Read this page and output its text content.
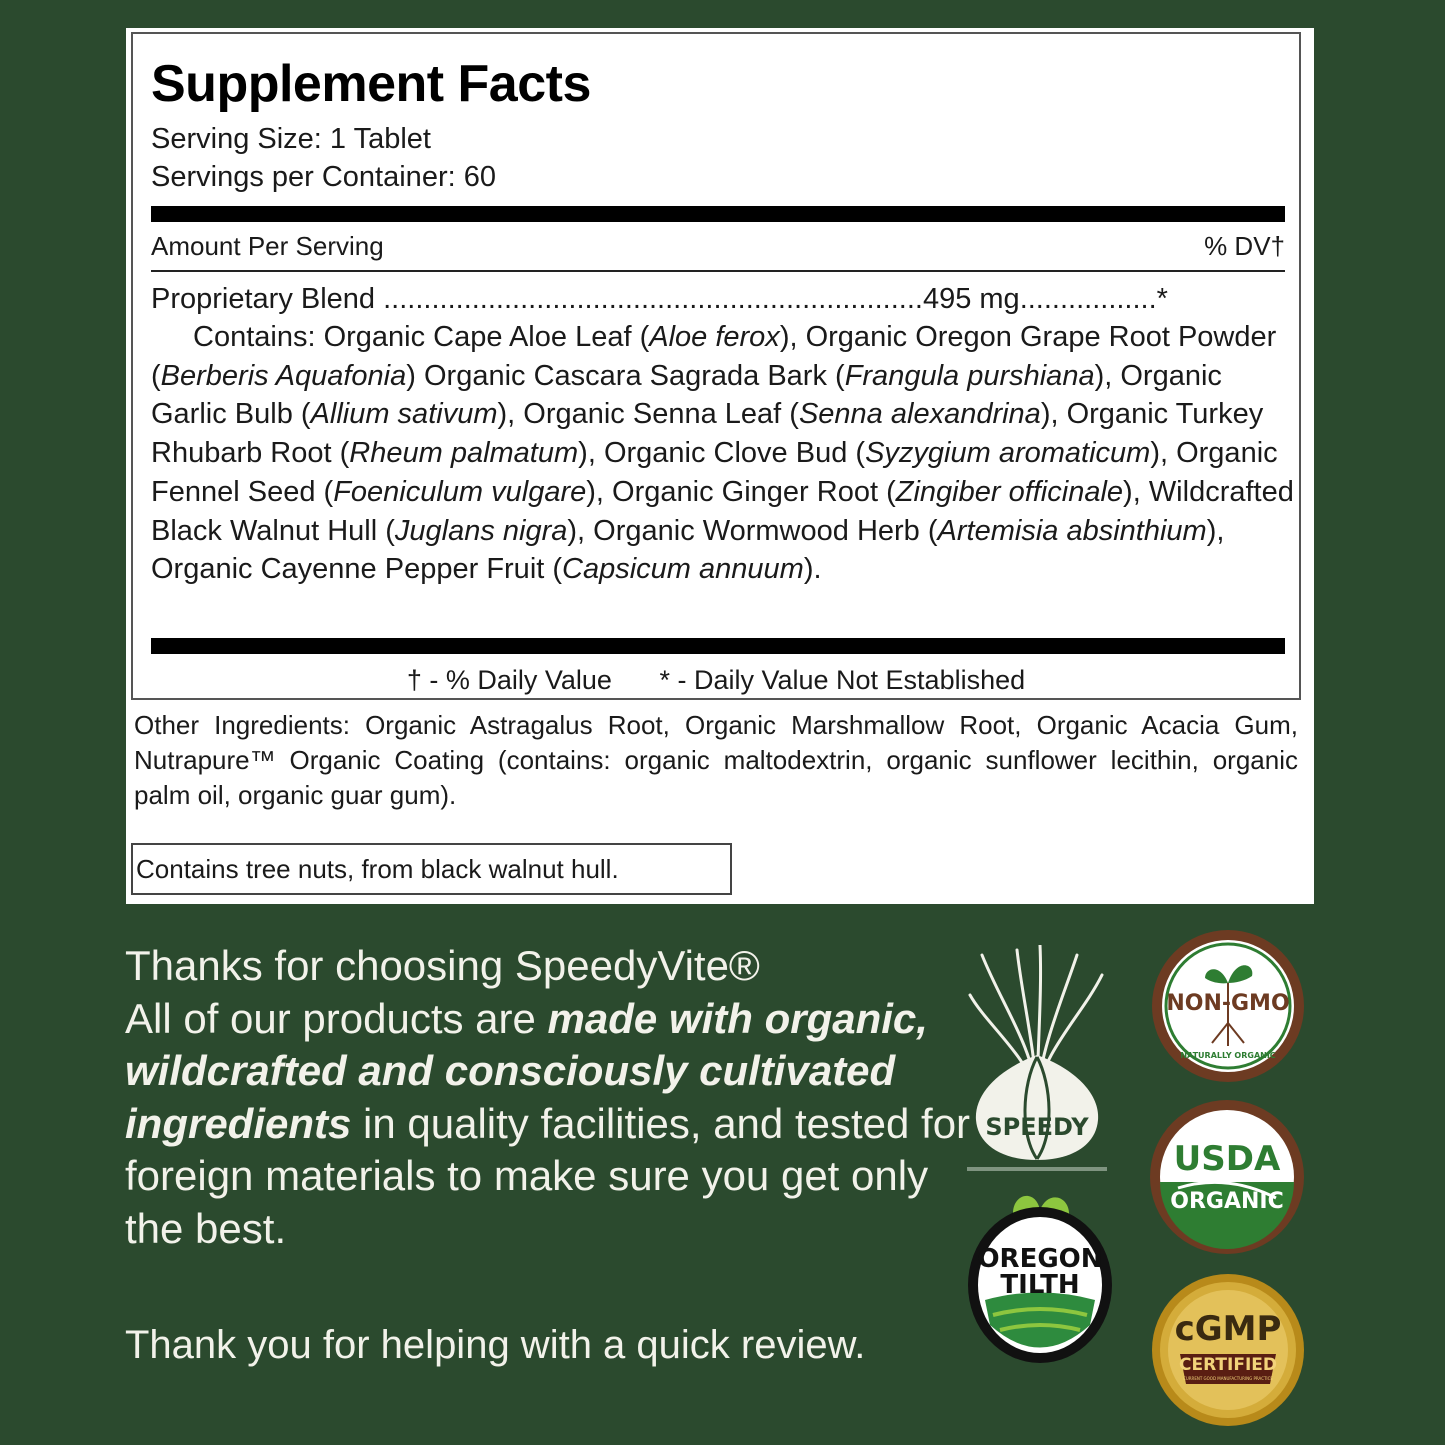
Supplement Facts
Serving Size: 1 Tablet
Servings per Container: 60
Amount Per Serving	% DV†
Proprietary Blend ...................................................................495 mg.................*

Contains: Organic Cape Aloe Leaf (Aloe ferox), Organic Oregon Grape Root Powder (Berberis Aquafonia) Organic Cascara Sagrada Bark (Frangula purshiana), Organic Garlic Bulb (Allium sativum), Organic Senna Leaf (Senna alexandrina), Organic Turkey Rhubarb Root (Rheum palmatum), Organic Clove Bud (Syzygium aromaticum), Organic Fennel Seed (Foeniculum vulgare), Organic Ginger Root (Zingiber officinale), Wildcrafted Black Walnut Hull (Juglans nigra), Organic Wormwood Herb (Artemisia absinthium), Organic Cayenne Pepper Fruit (Capsicum annuum).

† - % Daily Value * - Daily Value Not Established

Other Ingredients: Organic Astragalus Root, Organic Marshmallow Root, Organic Acacia Gum, Nutrapure™ Organic Coating (contains: organic maltodextrin, organic sunflower lecithin, organic palm oil, organic guar gum).

Contains tree nuts, from black walnut hull.

Thanks for choosing SpeedyVite®
All of our products are made with organic, wildcrafted and consciously cultivated ingredients in quality facilities, and tested for foreign materials to make sure you get only the best.

Thank you for helping with a quick review.
SPEEDY
OREGON
TILTH
NON-GMO
NATURALLY ORGANIC
USDA
ORGANIC
cGMP
CERTIFIED
CURRENT GOOD MANUFACTURING PRACTICE
